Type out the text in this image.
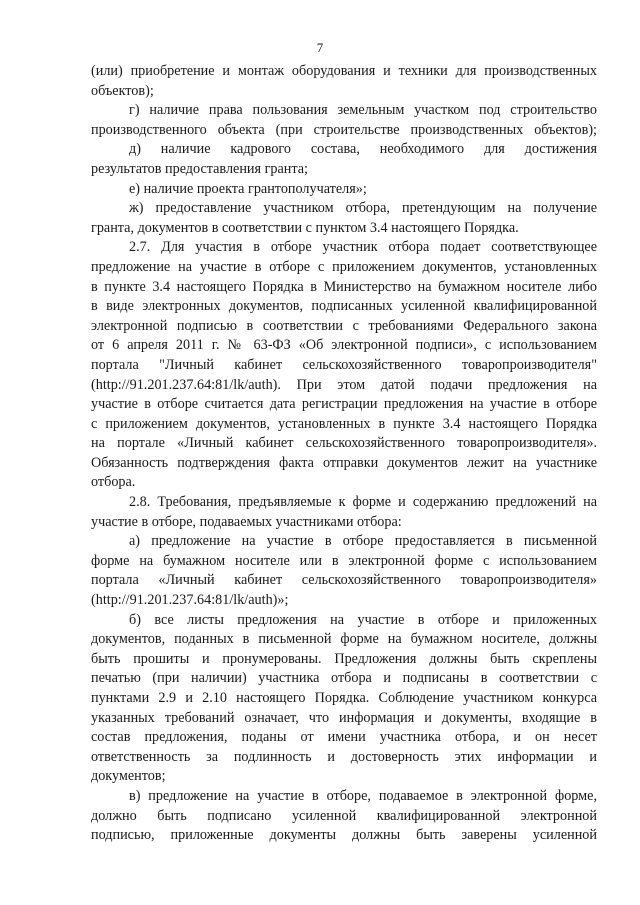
7
(или) приобретение и монтаж оборудования и техники для производственных
объектов);
г) наличие права пользования земельным участком под строительство
производственного объекта (при строительстве производственных объектов);
д) наличие кадрового состава, необходимого для достижения
результатов предоставления гранта;
е) наличие проекта грантополучателя»;
ж) предоставление участником отбора, претендующим на получение
гранта, документов в соответствии с пунктом 3.4 настоящего Порядка.
2.7. Для участия в отборе участник отбора подает соответствующее
предложение на участие в отборе с приложением документов, установленных
в пункте 3.4 настоящего Порядка в Министерство на бумажном носителе либо
в виде электронных документов, подписанных усиленной квалифицированной
электронной подписью в соответствии с требованиями Федерального закона
от 6 апреля 2011 г. № 63-ФЗ «Об электронной подписи», с использованием
портала "Личный кабинет сельскохозяйственного товаропроизводителя"
(http://91.201.237.64:81/lk/auth). При этом датой подачи предложения на
участие в отборе считается дата регистрации предложения на участие в отборе
с приложением документов, установленных в пункте 3.4 настоящего Порядка
на портале «Личный кабинет сельскохозяйственного товаропроизводителя».
Обязанность подтверждения факта отправки документов лежит на участнике
отбора.
2.8. Требования, предъявляемые к форме и содержанию предложений на
участие в отборе, подаваемых участниками отбора:
а) предложение на участие в отборе предоставляется в письменной
форме на бумажном носителе или в электронной форме с использованием
портала «Личный кабинет сельскохозяйственного товаропроизводителя»
(http://91.201.237.64:81/lk/auth)»;
б) все листы предложения на участие в отборе и приложенных
документов, поданных в письменной форме на бумажном носителе, должны
быть прошиты и пронумерованы. Предложения должны быть скреплены
печатью (при наличии) участника отбора и подписаны в соответствии с
пунктами 2.9 и 2.10 настоящего Порядка. Соблюдение участником конкурса
указанных требований означает, что информация и документы, входящие в
состав предложения, поданы от имени участника отбора, и он несет
ответственность за подлинность и достоверность этих информации и
документов;
в) предложение на участие в отборе, подаваемое в электронной форме,
должно быть подписано усиленной квалифицированной электронной
подписью, приложенные документы должны быть заверены усиленной
